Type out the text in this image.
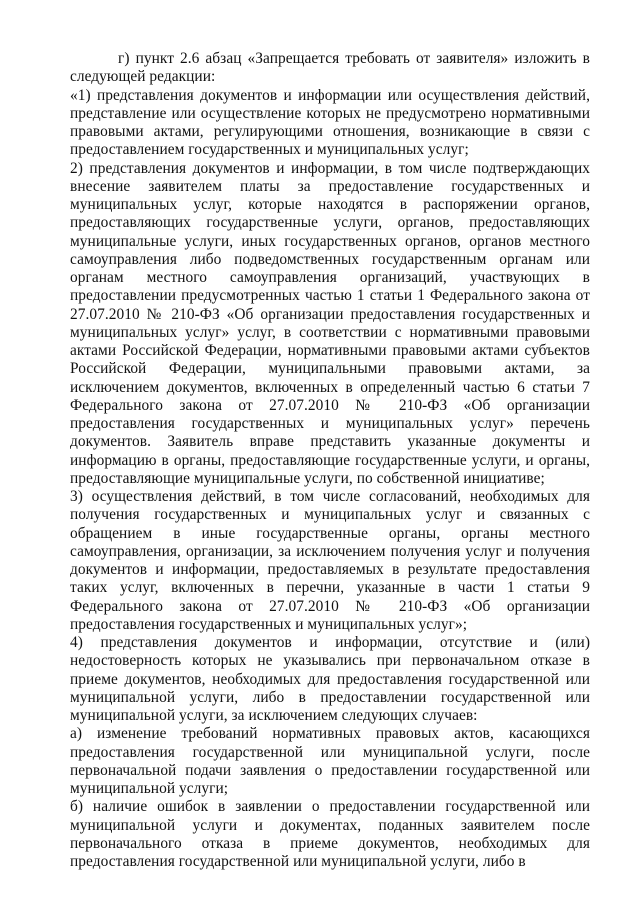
г) пункт 2.6 абзац «Запрещается требовать от заявителя» изложить в следующей редакции:

«1) представления документов и информации или осуществления действий, представление или осуществление которых не предусмотрено нормативными правовыми актами, регулирующими отношения, возникающие в связи с предоставлением государственных и муниципальных услуг;

2) представления документов и информации, в том числе подтверждающих внесение заявителем платы за предоставление государственных и муниципальных услуг, которые находятся в распоряжении органов, предоставляющих государственные услуги, органов, предоставляющих муниципальные услуги, иных государственных органов, органов местного самоуправления либо подведомственных государственным органам или органам местного самоуправления организаций, участвующих в предоставлении предусмотренных частью 1 статьи 1 Федерального закона от 27.07.2010 № 210-ФЗ «Об организации предоставления государственных и муниципальных услуг» услуг, в соответствии с нормативными правовыми актами Российской Федерации, нормативными правовыми актами субъектов Российской Федерации, муниципальными правовыми актами, за исключением документов, включенных в определенный частью 6 статьи 7 Федерального закона от 27.07.2010 № 210-ФЗ «Об организации предоставления государственных и муниципальных услуг» перечень документов. Заявитель вправе представить указанные документы и информацию в органы, предоставляющие государственные услуги, и органы, предоставляющие муниципальные услуги, по собственной инициативе;

3) осуществления действий, в том числе согласований, необходимых для получения государственных и муниципальных услуг и связанных с обращением в иные государственные органы, органы местного самоуправления, организации, за исключением получения услуг и получения документов и информации, предоставляемых в результате предоставления таких услуг, включенных в перечни, указанные в части 1 статьи 9 Федерального закона от 27.07.2010 № 210-ФЗ «Об организации предоставления государственных и муниципальных услуг»;

4) представления документов и информации, отсутствие и (или) недостоверность которых не указывались при первоначальном отказе в приеме документов, необходимых для предоставления государственной или муниципальной услуги, либо в предоставлении государственной или муниципальной услуги, за исключением следующих случаев:

а) изменение требований нормативных правовых актов, касающихся предоставления государственной или муниципальной услуги, после первоначальной подачи заявления о предоставлении государственной или муниципальной услуги;

б) наличие ошибок в заявлении о предоставлении государственной или муниципальной услуги и документах, поданных заявителем после первоначального отказа в приеме документов, необходимых для предоставления государственной или муниципальной услуги, либо в
